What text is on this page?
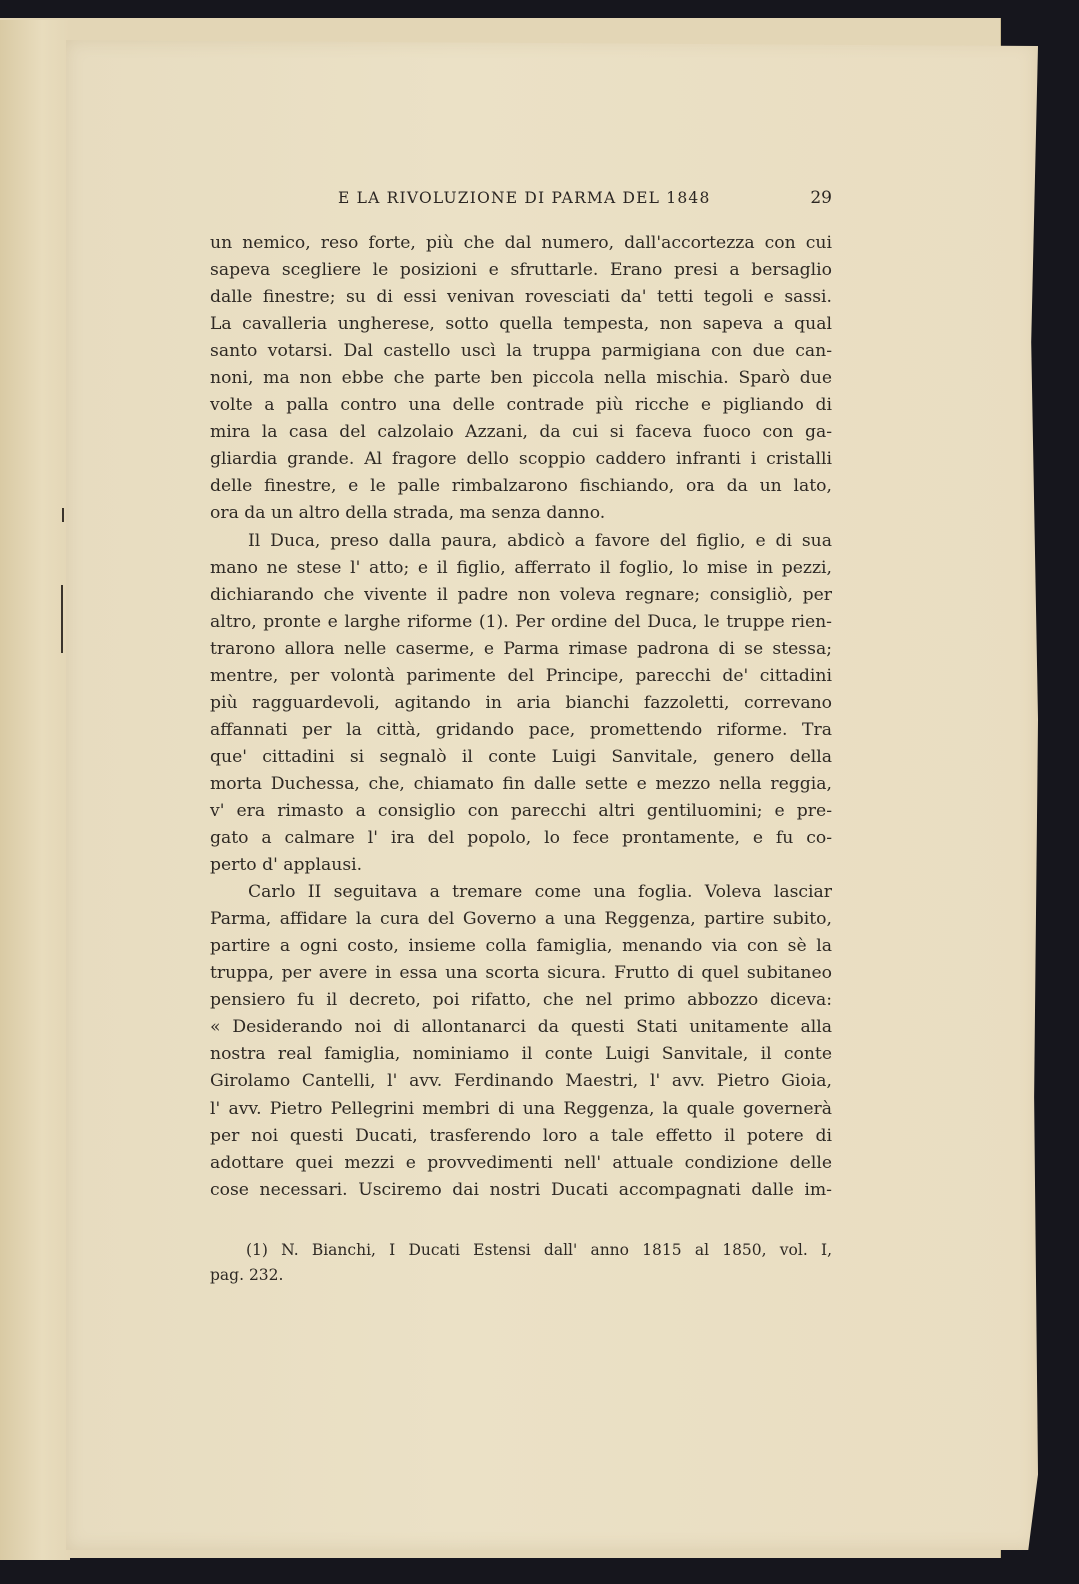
E LA RIVOLUZIONE DI PARMA DEL 1848	29
un nemico, reso forte, più che dal numero, dall'accortezza con cui
sapeva scegliere le posizioni e sfruttarle. Erano presi a bersaglio
dalle finestre; su di essi venivan rovesciati da' tetti tegoli e sassi.
La cavalleria ungherese, sotto quella tempesta, non sapeva a qual
santo votarsi. Dal castello uscì la truppa parmigiana con due can-
noni, ma non ebbe che parte ben piccola nella mischia. Sparò due
volte a palla contro una delle contrade più ricche e pigliando di
mira la casa del calzolaio Azzani, da cui si faceva fuoco con ga-
gliardia grande. Al fragore dello scoppio caddero infranti i cristalli
delle finestre, e le palle rimbalzarono fischiando, ora da un lato,
ora da un altro della strada, ma senza danno.
Il Duca, preso dalla paura, abdicò a favore del figlio, e di sua
mano ne stese l' atto; e il figlio, afferrato il foglio, lo mise in pezzi,
dichiarando che vivente il padre non voleva regnare; consigliò, per
altro, pronte e larghe riforme (1). Per ordine del Duca, le truppe rien-
trarono allora nelle caserme, e Parma rimase padrona di se stessa;
mentre, per volontà parimente del Principe, parecchi de' cittadini
più ragguardevoli, agitando in aria bianchi fazzoletti, correvano
affannati per la città, gridando pace, promettendo riforme. Tra
que' cittadini si segnalò il conte Luigi Sanvitale, genero della
morta Duchessa, che, chiamato fin dalle sette e mezzo nella reggia,
v' era rimasto a consiglio con parecchi altri gentiluomini; e pre-
gato a calmare l' ira del popolo, lo fece prontamente, e fu co-
perto d' applausi.
Carlo II seguitava a tremare come una foglia. Voleva lasciar
Parma, affidare la cura del Governo a una Reggenza, partire subito,
partire a ogni costo, insieme colla famiglia, menando via con sè la
truppa, per avere in essa una scorta sicura. Frutto di quel subitaneo
pensiero fu il decreto, poi rifatto, che nel primo abbozzo diceva:
« Desiderando noi di allontanarci da questi Stati unitamente alla
nostra real famiglia, nominiamo il conte Luigi Sanvitale, il conte
Girolamo Cantelli, l' avv. Ferdinando Maestri, l' avv. Pietro Gioia,
l' avv. Pietro Pellegrini membri di una Reggenza, la quale governerà
per noi questi Ducati, trasferendo loro a tale effetto il potere di
adottare quei mezzi e provvedimenti nell' attuale condizione delle
cose necessari. Usciremo dai nostri Ducati accompagnati dalle im-
(1) N. Bianchi, I Ducati Estensi dall' anno 1815 al 1850, vol. I,
pag. 232.
